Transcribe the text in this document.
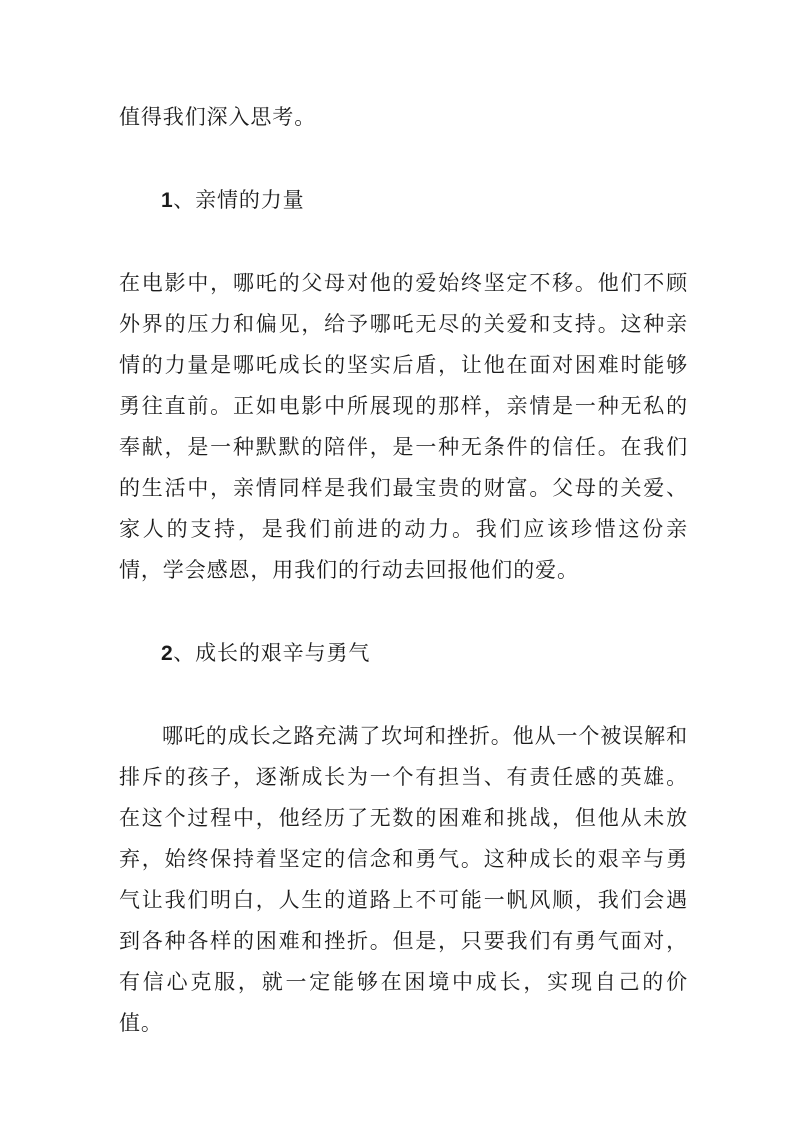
值得我们深入思考。

1、亲情的力量

在电影中，哪吒的父母对他的爱始终坚定不移。他们不顾外界的压力和偏见，给予哪吒无尽的关爱和支持。这种亲情的力量是哪吒成长的坚实后盾，让他在面对困难时能够勇往直前。正如电影中所展现的那样，亲情是一种无私的奉献，是一种默默的陪伴，是一种无条件的信任。在我们的生活中，亲情同样是我们最宝贵的财富。父母的关爱、家人的支持，是我们前进的动力。我们应该珍惜这份亲情，学会感恩，用我们的行动去回报他们的爱。

2、成长的艰辛与勇气

哪吒的成长之路充满了坎坷和挫折。他从一个被误解和排斥的孩子，逐渐成长为一个有担当、有责任感的英雄。在这个过程中，他经历了无数的困难和挑战，但他从未放弃，始终保持着坚定的信念和勇气。这种成长的艰辛与勇气让我们明白，人生的道路上不可能一帆风顺，我们会遇到各种各样的困难和挫折。但是，只要我们有勇气面对，有信心克服，就一定能够在困境中成长，实现自己的价值。
